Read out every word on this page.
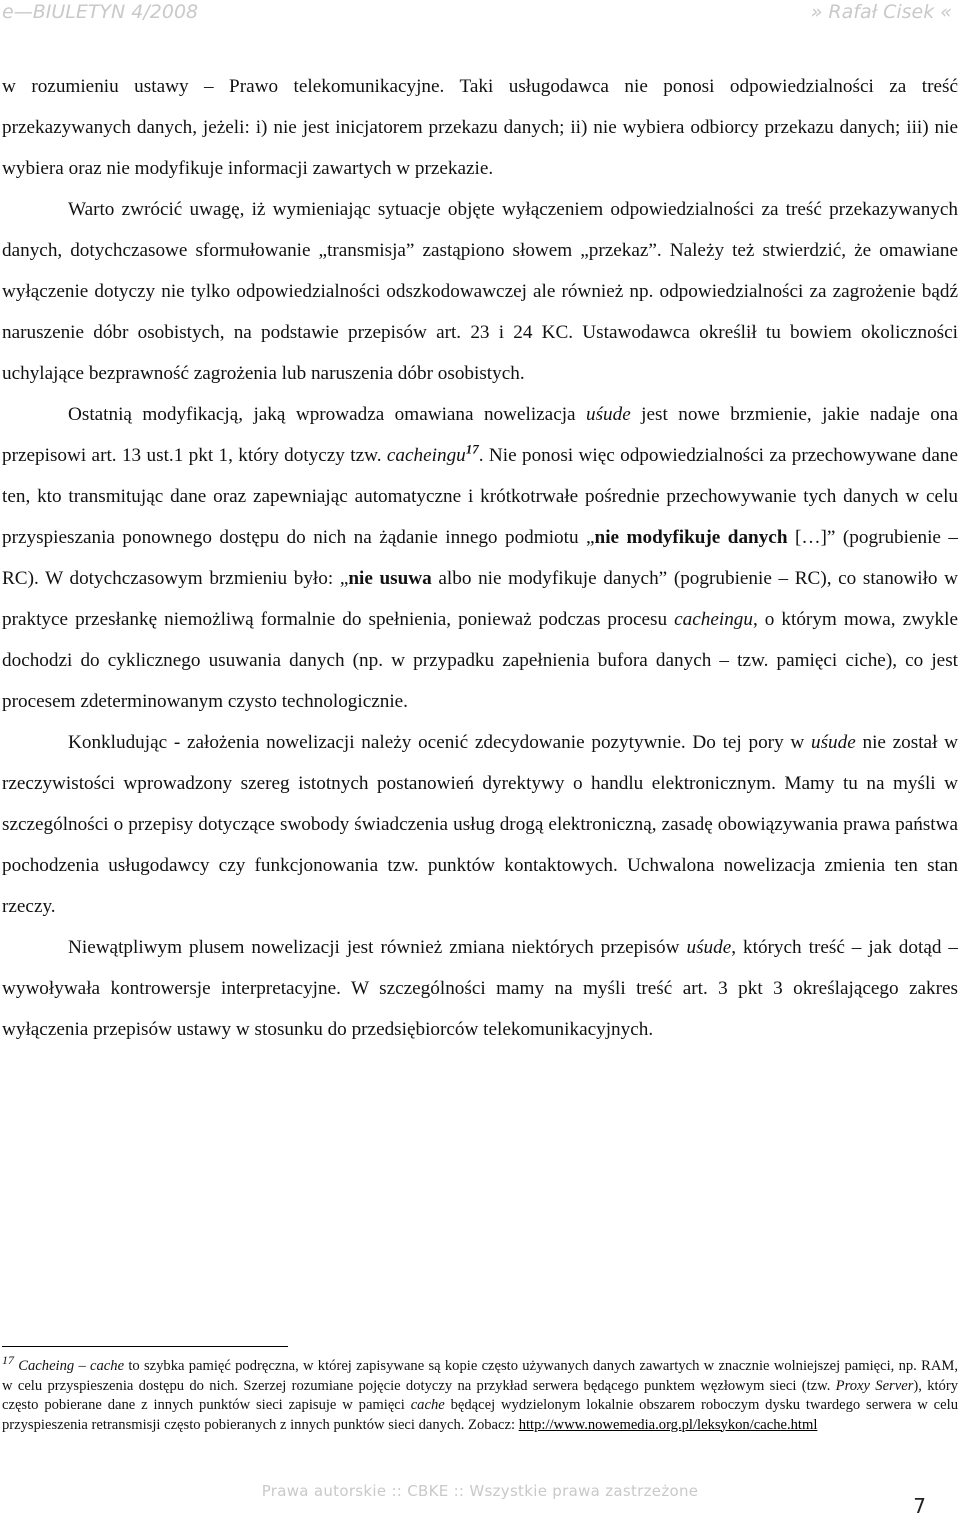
e—BIULETYN 4/2008	» Rafał Cisek «

w rozumieniu ustawy – Prawo telekomunikacyjne. Taki usługodawca nie ponosi odpowiedzialności za treść przekazywanych danych, jeżeli: i) nie jest inicjatorem przekazu danych; ii) nie wybiera odbiorcy przekazu danych; iii) nie wybiera oraz nie modyfikuje informacji zawartych w przekazie.

Warto zwrócić uwagę, iż wymieniając sytuacje objęte wyłączeniem odpowiedzialności za treść przekazywanych danych, dotychczasowe sformułowanie „transmisja” zastąpiono słowem „przekaz”. Należy też stwierdzić, że omawiane wyłączenie dotyczy nie tylko odpowiedzialności odszkodowawczej ale również np. odpowiedzialności za zagrożenie bądź naruszenie dóbr osobistych, na podstawie przepisów art. 23 i 24 KC. Ustawodawca określił tu bowiem okoliczności uchylające bezprawność zagrożenia lub naruszenia dóbr osobistych.

Ostatnią modyfikacją, jaką wprowadza omawiana nowelizacja uśude jest nowe brzmienie, jakie nadaje ona przepisowi art. 13 ust.1 pkt 1, który dotyczy tzw. cacheingu$^{17}$. Nie ponosi więc odpowiedzialności za przechowywane dane ten, kto transmitując dane oraz zapewniając automatyczne i krótkotrwałe pośrednie przechowywanie tych danych w celu przyspieszania ponownego dostępu do nich na żądanie innego podmiotu „nie modyfikuje danych […]” (pogrubienie – RC). W dotychczasowym brzmieniu było: „nie usuwa albo nie modyfikuje danych” (pogrubienie – RC), co stanowiło w praktyce przesłankę niemożliwą formalnie do spełnienia, ponieważ podczas procesu cacheingu, o którym mowa, zwykle dochodzi do cyklicznego usuwania danych (np. w przypadku zapełnienia bufora danych – tzw. pamięci ciche), co jest procesem zdeterminowanym czysto technologicznie.

Konkludując - założenia nowelizacji należy ocenić zdecydowanie pozytywnie. Do tej pory w uśude nie został w rzeczywistości wprowadzony szereg istotnych postanowień dyrektywy o handlu elektronicznym. Mamy tu na myśli w szczególności o przepisy dotyczące swobody świadczenia usług drogą elektroniczną, zasadę obowiązywania prawa państwa pochodzenia usługodawcy czy funkcjonowania tzw. punktów kontaktowych. Uchwalona nowelizacja zmienia ten stan rzeczy.

Niewątpliwym plusem nowelizacji jest również zmiana niektórych przepisów uśude, których treść – jak dotąd – wywoływała kontrowersje interpretacyjne. W szczególności mamy na myśli treść art. 3 pkt 3 określającego zakres wyłączenia przepisów ustawy w stosunku do przedsiębiorców telekomunikacyjnych.

$^{17}$ Cacheing – cache to szybka pamięć podręczna, w której zapisywane są kopie często używanych danych zawartych w znacznie wolniejszej pamięci, np. RAM, w celu przyspieszenia dostępu do nich. Szerzej rozumiane pojęcie dotyczy na przykład serwera będącego punktem węzłowym sieci (tzw. Proxy Server), który często pobierane dane z innych punktów sieci zapisuje w pamięci cache będącej wydzielonym lokalnie obszarem roboczym dysku twardego serwera w celu przyspieszenia retransmisji często pobieranych z innych punktów sieci danych. Zobacz: http://www.nowemedia.org.pl/leksykon/cache.html
Prawa autorskie :: CBKE :: Wszystkie prawa zastrzeżone
7
